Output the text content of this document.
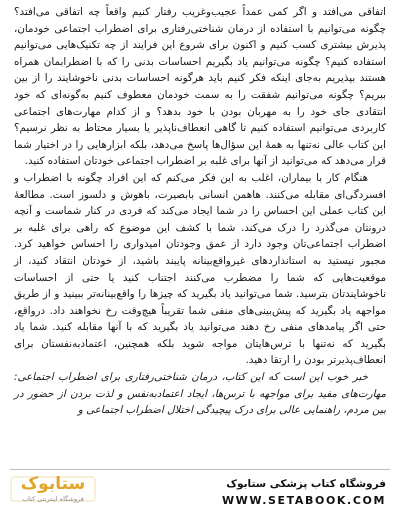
اتفاقی می‌افتد و اگر کمی عمداً عجیب‌وغریب رفتار کنیم واقعاً چه اتفاقی می‌افتد؟ چگونه می‌توانیم با استفاده از درمان شناختی‌رفتاری برای اضطراب اجتماعی خودمان، پذیرش بیشتری کسب کنیم و اکنون برای شروع این فرایند از چه تکنیک‌هایی می‌توانیم استفاده کنیم؟ چگونه می‌توانیم یاد بگیریم احساسات بدنی را که با اضطرابمان همراه هستند بپذیریم به‌جای اینکه فکر کنیم باید هرگونه احساسات بدنی ناخوشایند را از بین ببریم؟ چگونه می‌توانیم شفقت را به سمت خودمان معطوف کنیم به‌گونه‌ای که خود انتقادی جای خود را به مهربان بودن با خود بدهد؟ و از کدام مهارت‌های اجتماعی کاربردی می‌توانیم استفاده کنیم تا گاهی انعطاف‌ناپذیر یا بسیار محتاط به نظر نرسیم؟ این کتاب عالی نه‌تنها به همهٔ این سؤال‌ها پاسخ می‌دهد، بلکه ابزارهایی را در اختیار شما قرار می‌دهد که می‌توانید از آنها برای غلبه بر اضطراب اجتماعی خودتان استفاده کنید.

هنگام کار با بیماران، اغلب به این فکر می‌کنم که این افراد چگونه با اضطراب و افسردگی‌ای مقابله می‌کنند. هاهمن انسانی بابصیرت، باهوش و دلسوز است. مطالعهٔ این کتاب عملی این احساس را در شما ایجاد می‌کند که فردی در کنار شماست و آنچه درونتان می‌گذرد را درک می‌کند. شما با کشف این موضوع که راهی برای غلبه بر اضطراب اجتماعی‌تان وجود دارد از عمق وجودتان امیدواری را احساس خواهید کرد. مجبور نیستید به استانداردهای غیرواقع‌بینانه پایبند باشید، از خودتان انتقاد کنید، از موقعیت‌هایی که شما را مضطرب می‌کنند اجتناب کنید یا حتی از احساسات ناخوشایندتان بترسید. شما می‌توانید یاد بگیرید که چیزها را واقع‌بینانه‌تر ببینید و از طریق مواجهه یاد بگیرید که پیش‌بینی‌های منفی شما تقریباً هیچ‌وقت رخ نخواهند داد. درواقع، حتی اگر پیامدهای منفی رخ دهند می‌توانید یاد بگیرید که با آنها مقابله کنید. شما یاد بگیرید که نه‌تنها با ترس‌هایتان مواجه شوید بلکه همچنین، اعتمادبه‌نفستان برای انعطاف‌پذیرتر بودن را ارتقا دهید.

خبر خوب این است که این کتاب، درمان شناختی‌رفتاری برای اضطراب اجتماعی: مهارت‌های مفید برای مواجهه با ترس‌ها، ایجاد اعتمادبه‌نفس و لذت بردن از حضور در بین مردم، راهنمایی عالی برای درک پیچیدگی اختلال اضطراب اجتماعی و

ستابوک
فروشگاه اینترنتی کتاب
فروشگاه کتاب پزشکی ستابوک
WWW.SETABOOK.COM
